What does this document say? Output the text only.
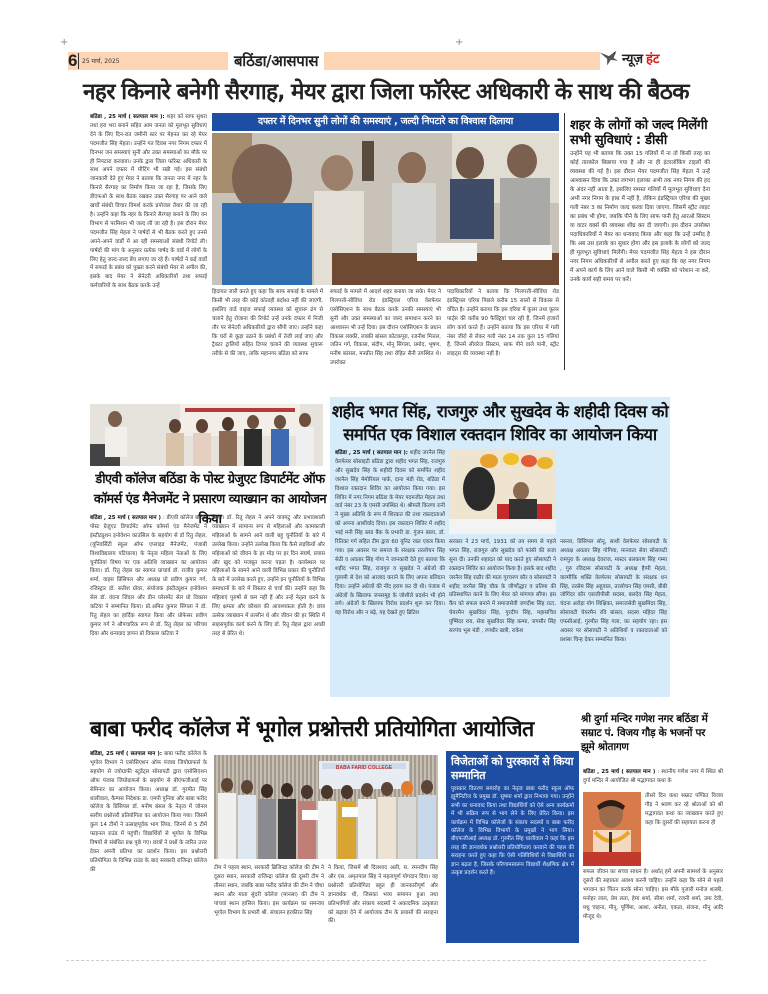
+	+
6 25 मार्च, 2025	बठिंडा/आसपास	न्यूज़ हंट
नहर किनारे बनेगी सैरगाह, मेयर द्वारा जिला फॉरेस्ट अधिकारी के साथ की बैठक
बठिंडा , 25 मार्च ( सतपाल मान ): शहर को साफ सुथरा तथा हरा भरा बनाने सहित आम जनता को मूलभूत सुविधाएं देने के लिए दिन-रात जमीनी स्तर पर मेहनत कर रहे मेयर पदमजीत सिंह मेहता। उन्होंने गत दिवस नगर निगम दफ्तर में दिनभर जन समस्याएं सुनीं और उक्त समस्याओं का मौके पर ही निपटारा करवाया। उनके द्वारा जिला फॉरेस्ट अधिकारी के साथ अपने दफ्तर में मीटिंग भी रखी गई। इस संबंधी जानकारी देते हुए मेयर ने बताया कि जनता नगर में नहर के किनारे सैरगाह का निर्माण किया जा रहा है, जिसके लिए डीएफओ के साथ बैठक रखकर उक्त सैरगाह पर आने वाले खर्चों संबंधी विचार विमर्श करके प्रपोजल तैयार की जा रही है। उन्होंने कहा कि नहर के किनारे सैरगाह बनाने के लिए वन विभाग से परमिशन भी जल्द ली जा रही है। इस दौरान मेयर पदमजीत सिंह मेहता ने पार्षदों से भी बैठक करते हुए उनसे अपने-अपने वार्डों में आ रही समस्याओं संबंधी रिपोर्ट ली। पार्षदों की मांग के अनुसार प्रत्येक पार्षद के वार्ड में लोगों के लिए हेतु जल्द-जल्द बेंच लगाए जा रहे हैं। पार्षदों ने कई वार्डों में सफाई के प्रबंध को पुख्ता करने संबंधी मेयर से अपील की, इसके बाद मेयर ने सेनेटरी अधिकारियों तथा सफाई कर्मचारियों के साथ बैठक करके उन्हें
दफ्तर में दिनभर सुनी लोगों की समस्याएं , जल्दी निपटारे का विश्वास दिलाया
हिदायत जारी करते हुए कहा कि साफ सफाई के मामले में किसी भी तरह की कोई कोताही बर्दाश्त नहीं की जाएगी, इसलिए वार्ड वाइज सफाई व्यवस्था को सुचारू ढंग से चलाने हेतु रोजाना की रिपोर्ट उन्हें उनके दफ्तर में निजी तौर पर सेनेटरी अधिकारियों द्वारा सौंपी जाए। उन्होंने कहा कि घरों से कूड़ा उठाने के प्रबंधों में तेजी लाई जाए और ट्रैक्टर ट्रालियों सहित टिप्पर चलाने की व्यवस्था सुचारू तरीके से की जाए, ताकि महानगर बठिंडा को साफ
सफाई के मामले में आदर्श शहर बनाया जा सके। मेयर ने गिलपत्ती-सीविंया रोड इंडस्ट्रियल एरिया वेलफेयर एसोसिएशन के साथ बैठक करके उनकी समस्याएं भी सुनीं और उक्त समस्याओं का जल्द समाधान करने का आश्वासन भी उन्हें दिया। इस दौरान एसोसिएशन के प्रधान विकास लक्की, लक्की बांसल कोटकपूरा, रजनीश मित्तल, जतिन गर्ग, विकास, संदीप, मोनू सिंगला, प्रमोद, भूषण, मनीष कांसल, मनप्रीत सिंह तथा रोहित सैनी उपस्थित थे। उपरोक्त
पदाधिकारियों ने बताया कि गिलपत्ती-सीविंया रोड इंडस्ट्रियल एरिया पिछले करीब 15 सालों से विकास से वंचित है। उन्होंने बताया कि इस एरिया में कूलर तथा कूलर पार्ट्स की करीब 90 फैक्ट्रियां चल रही हैं, जिनमें हजारों लोग कार्य करते हैं। उन्होंने बताया कि इस एरिया में गली नंबर जीरो से लेकर गली नंबर 14 तक कुल 15 गलियां हैं, जिनमें सीवरेज सिस्टम, साफ पीने वाले पानी, स्ट्रीट लाइट्स की व्यवस्था नहीं है।
शहर के लोगों को जल्द मिलेंगी सभी सुविधाएं : डीसी
उन्होंने यह भी बताया कि उक्त 15 गलियों में ना तो किसी तरह का कोई तारकोल बिछाया गया है और ना ही इंटरलॉकिंग टाइलों की व्यवस्था की गई है। इस दौरान मेयर पदमजीत सिंह मेहता ने उन्हें आश्वासन दिया कि उक्त लगभग इलाका अभी तक नगर निगम की हद के अंदर नहीं आता है, इसलिए समस्त गलियों में मूलभूत सुविधाएं देना अभी नगर निगम के हाथ में नहीं है, लेकिन इंडस्ट्रियल एरिया की मुख्य गली नंबर 3 का निर्माण जल्द करवा दिया जाएगा, जिसमें स्ट्रीट लाइट का प्रबंध भी होगा, जबकि पीने के लिए साफ पानी हेतु आरओ सिस्टम या वाटर वर्क्स की व्यवस्था शीघ्र कर दी जाएगी। इस दौरान उपरोक्त पदाधिकारियों ने मेयर का धन्यवाद किया और कहा कि उन्हें उम्मीद है कि अब उस इलाके का सुधार होगा और इस इलाके के लोगों को जल्द ही मूलभूत सुविधाएं मिलेंगी। मेयर पदमजीत सिंह मेहता ने इस दौरान नगर निगम अधिकारियों से अपील करते हुए कहा कि वह नगर निगम में अपने कार्य के लिए आने वाले किसी भी व्यक्ति को परेशान ना करें, उनके कार्य सही समय पर करें।
डीएवी कॉलेज बठिंडा के पोस्ट ग्रेजुएट डिपार्टमेंट ऑफ कॉमर्स एंड मैनेजमेंट ने प्रसारण व्याख्यान का आयोजन किया
बठिंडा , 25 मार्च ( सतपाल मान ) : डीएवी कॉलेज बठिंडा पोस्ट ग्रेजुएट डिपार्टमेंट ऑफ कॉमर्स एंड मैनेजमेंट ने इंस्टीट्यूशन इनोवेशन काउंसिल के सहयोग से डॉ रितु लेहल, (यूनिवर्सिटी स्कूल ऑफ एप्लाइड मैनेजमेंट, पंजाबी विश्वविद्यालय पटियाला) के नेतृत्व महिला नेताओं के लिए चुनौतियां विषय पर एक अतिथि व्याख्यान का आयोजन किया। डॉ. रितु लेहल का स्वागत प्राचार्य डॉ. राजीव कुमार शर्मा, वाइस प्रिंसिपल और अध्यक्ष प्रो प्रवीण कुमार गर्ग, रजिस्ट्रार डॉ. सतीश ग्रोवर, संयोजक इंस्टीट्यूशन इनोवेशन सेल डॉ. वंदना जिंदल और डीन प्लेसमेंट सेल प्रो विकास कटिया ने सम्मानित किया। प्रो.अमित कुमार सिंगला ने डॉ. रितु लेहल का हार्दिक स्वागत किया और प्रोफेसर प्रवीण कुमार गर्ग ने औपचारिक रूप से डॉ. रितु लेहल का परिचय दिया और धन्यवाद ज्ञापन प्रो विकास कटिया ने
किया। डॉ. रितु लेहल ने अपने वाक्पटु और प्रभावशाली व्याख्यान में सामान्य रूप से महिलाओं और कामकाजी महिलाओं के सामने आने वाली बहु चुनौतियों के बारे में उल्लेख किया। उन्होंने उल्लेख किया कि कैसे लड़कियों और महिलाओं को जीवन के हर मोड़ पर हर दिन संघर्ष, प्रयास और खुद को मजबूत करना पड़ता है। कार्यस्थल पर महिलाओं के सामने आने वाली विभिन्न प्रकार की चुनौतियों के बारे में उल्लेख करते हुए, उन्होंने इन चुनौतियों के विभिन्न समाधानों के बारे में विस्तार से चर्चा की। उन्होंने कहा कि महिलाएं पुरुषों से कम नहीं हैं और उन्हें नेतृत्व करने के लिए क्षमता और कौशल की आवश्यकता होती है। छात्र उत्सेक व्याख्यान में तल्लीन थे और जीवन की हर स्थिति में साहसपूर्वक कार्य करने के लिए डॉ. रितु लेहल द्वारा अच्छी तरह से प्रेरित थे।
शहीद भगत सिंह, राजगुरु और सुखदेव के शहीदी दिवस को समर्पित एक विशाल रक्तदान शिविर का आयोजन किया
बठिंडा , 25 मार्च ( सतपाल मान ): शहीद जरनैल सिंह वेलफेयर सोसाइटी बठिंडा द्वारा शहीद भगत सिंह, राजगुरु और सुखदेव सिंह के शहीदी दिवस को समर्पित शहीद जरनैल सिंह मेमोरियल पार्क, दाना मंडी रोड, बठिंडा में विशाल रक्तदान शिविर का आयोजन किया गया। इस शिविर में नगर निगम बठिंडा के मेयर पदमजीत मेहता तथा वार्ड नंबर 23 के एमसी उपस्थित थे। श्रीमती किरणा रानी ने मुख्य अतिथि के रूप में शिरकत की तथा रक्तदाताओं को अपना आशीर्वाद दिया। इस रक्तदान शिविर में शहीद भाई मनी सिंह ब्लड बैंक के प्रभारी डा. गुंजन बाला, डॉ. रितिका गर्ग सहित टीम द्वारा 60 यूनिट रक्त एकत्र किया गया। इस अवसर पर समाज के संरक्षक तरलोचन सिंह सेठी व अवतार सिंह गोगा ने जानकारी देते हुए बताया कि शहीद भगत सिंह, राजगुरु व सुखदेव ने अंग्रेजों की गुलामी से देश को आजाद कराने के लिए अपना बलिदान दिया। उन्होंने अंग्रेजों की नींद हराम कर दी थी। पंजाब में अंग्रेजों के खिलाफ जनसमूह के जोशीले प्रदर्शन भी होने लगे। अंग्रेजों के खिलाफ विरोध प्रदर्शन शुरू कर दिया। यह विरोध और न बढ़े, यह देखते हुए ब्रिटिश
सरकार ने 23 मार्च, 1931 को तय समय से पहले भगत सिंह, राजगुरु और सुखदेव को फांसी की सजा सुना दी। उनकी शहादत को याद करते हुए सोसायटी ने रक्तदान शिविर का आयोजन किया है। इसके बाद शहीद जरनैल सिंह राठौर की माता गुरचरण कौर व सोसायटी ने शहीद जरनैल सिंह चौक के जीर्णोद्धार व प्रतिमा की प्रतिस्थापित करने के लिए मेयर को मांगपत्र सौंपा। इस कैंप को सफल बनाने में समाजसेवी जगदीश सिंह राटा, चेयरमैन सुखविंदर सिंह, गुरदीप सिंह, महासचिव पुष्पिंदर राय, सेवा सुखविंदर सिंह कम्मा, जगसीर सिंह सरपंच भूस मंडी , रणधीर खत्री, राकेश
नरूला, प्रिंसिपल सोनू, साथी वेलफेयर सोसायटी के अध्यक्ष अवतार सिंह गोगिया, मानवता सेवा सोसायटी रामपुरा के अध्यक्ष देवराज, मास्टर बलकरण सिंह गम्मा , गुरु रविदास सोसायटी के अध्यक्ष हैप्पी मेहता, वाल्मीकि शक्ति वेलफेयर सोसायटी के संरक्षक धन सिंह, तरसेम सिंह अहूवाल, तरलोचन सिंह एमसी, बीबी जोगिंदर कौर एसजीपीसी सदस्य, बलदेव सिंह मेहता, चंदना अरोड़ा योग शिक्षिका, समाजसेवी सुखमिंदर सिंह, सोसायटी चेयरमैन रवि बांसल, सदस्य महिंदर सिंह एफसीआई, गुरमीत सिंह गला, का सहयोग रहा। इस अवसर पर सोसायटी ने अतिथियों व रक्तदाताओं को प्रशंसा चिन्ह देकर सम्मानित किया।
बाबा फरीद कॉलेज में भूगोल प्रश्नोत्तरी प्रतियोगिता आयोजित
बठिंडा, 25 मार्च ( सतपाल मान ): बाबा फरीद कॉलेज के भूगोल विभाग ने एसोसिएशन ऑफ पंजाब जियोग्राफर्स के सहयोग से ज्योग्राफी स्टूडेंट्स सोसायटी द्वारा एसोसिएशन ऑफ पंजाब जियोग्राफर्स के सहयोग से बीएफजीआई पर सेमिनार का आयोजन किया। अध्यक्ष डॉ. गुरमीत सिंह धालीवाल, कैम्पस निदेशक डा. एमपी पुनिया और बाबा फरीद कॉलेज के प्रिंसिपल डॉ. मनीष बंसल के नेतृत्व में जोनल स्तरीय प्रश्नोत्तरी प्रतियोगिता का आयोजन किया गया। जिसमें कुल 14 टीमों ने उत्साहपूर्वक भाग लिया, जिनमें से 5 टीमें फाइनल राउंड में पहुंचीं। विद्यार्थियों से भूगोल के विभिन्न विषयों से संबंधित प्रश्न पूछे गए। छात्रों ने प्रश्नों के त्वरित उत्तर देकर अपनी प्रतिभा का प्रदर्शन किया। इस प्रश्नोत्तरी प्रतियोगिता के विभिन्न राउंड के बाद सरकारी राजिन्द्रा कॉलेज की
BABA FARID COLLEGE
टीम ने पहला स्थान, सरकारी ब्रिजिन्द्रा कॉलेज की टीम ने दूसरा स्थान, सरकारी राजिन्द्रा कॉलेज की दूसरी टीम ने तीसरा स्थान, जबकि बाबा फरीद कॉलेज की टीम ने चौथा स्थान और माता सुंदरी कॉलेज (मानसा) की टीम ने पांचवां स्थान हासिल किया। इस कार्यक्रम का समन्वय भूगोल विभाग के प्रभारी श्री. संचालन हरकीरत सिंह
ने किया, जिसमें श्री दिलशाद अली, स. रमनदीप सिंह और एस. अमृतपाल सिंह ने महत्वपूर्ण योगदान दिया। यह प्रश्नोत्तरी प्रतियोगिता बहुत ही जानकारीपूर्ण और ज्ञानवर्धक थी, जिसका भव्य समापन हुआ तथा प्रतिभागियों और संकाय सदस्यों ने अकादमिक उत्कृष्टता को बढ़ावा देने में आयोजक टीम के प्रयासों की सराहना की।
विजेताओं को पुरस्कारों से किया सम्मानित
पुरस्कार वितरण समारोह का नेतृत्व बाबा फरीद स्कूल ऑफ ह्यूमैनिटीज के प्रमुख डॉ. सुषमा शर्मा द्वारा निभाया गया। उन्होंने सभी का धन्यवाद किया तथा विद्यार्थियों को ऐसे अन्य कार्यक्रमों में भी सक्रिय रूप से भाग लेने के लिए प्रेरित किया। इस कार्यक्रम में विभिन्न कॉलेजों के संकाय सदस्यों व बाबा फरीद कॉलेज के विभिन्न विभागों के प्रमुखों ने भाग लिया। बीएफजीआई अध्यक्ष डॉ. गुरमीत सिंह धालीवाल ने कहा कि इस तरह की ज्ञानवर्धक प्रश्नोत्तरी प्रतियोगिताएं करवाने की पहल की सराहना करते हुए कहा कि ऐसी गतिविधियों से विद्यार्थियों का ज्ञान बढ़ता है, जिसके परिणामस्वरूप विद्यार्थी शैक्षणिक क्षेत्र में उत्कृष्ट प्रदर्शन करते हैं।
श्री दुर्गा मन्दिर गणेश नगर बठिंडा में सम्राट पं. विजय गौड़ के भजनों पर झूमे श्रोतागण
बठिंडा , 25 मार्च ( सतपाल मान ) : स्थानीय गणेश नगर में स्थित श्री दुर्गा मन्दिर में आयोजित श्री मद्भागवत कथा के
तीसरे दिन कथा सम्राट पण्डित विजय गौड़ ने श्रवण कर रहे श्रोताओं को श्री मद्भागवत कथा का व्याख्यान करते हुए कहा कि दूसरों की सहायता करना ही
सफल जीवन का सच्चा साधन है। अर्थात् हमें अपनी सामर्थ्य के अनुसार दूसरों की सहायता अवश्य करनी चाहिए। उन्होंने कहा कि सोने से पहले भगवान का चिंतन करके सोना चाहिए। इस मौके पुजारी मनोज शास्त्री, मनोहर लाल, प्रेम लता, हेमा शर्मा, सीमा शर्मा, रजनी शर्मा, उमा देवी, मधु चाहना, मीनू, पूर्णिमा, आशा, अनीता, एकता, संजना, मीनू आदि मौजूद थे।
